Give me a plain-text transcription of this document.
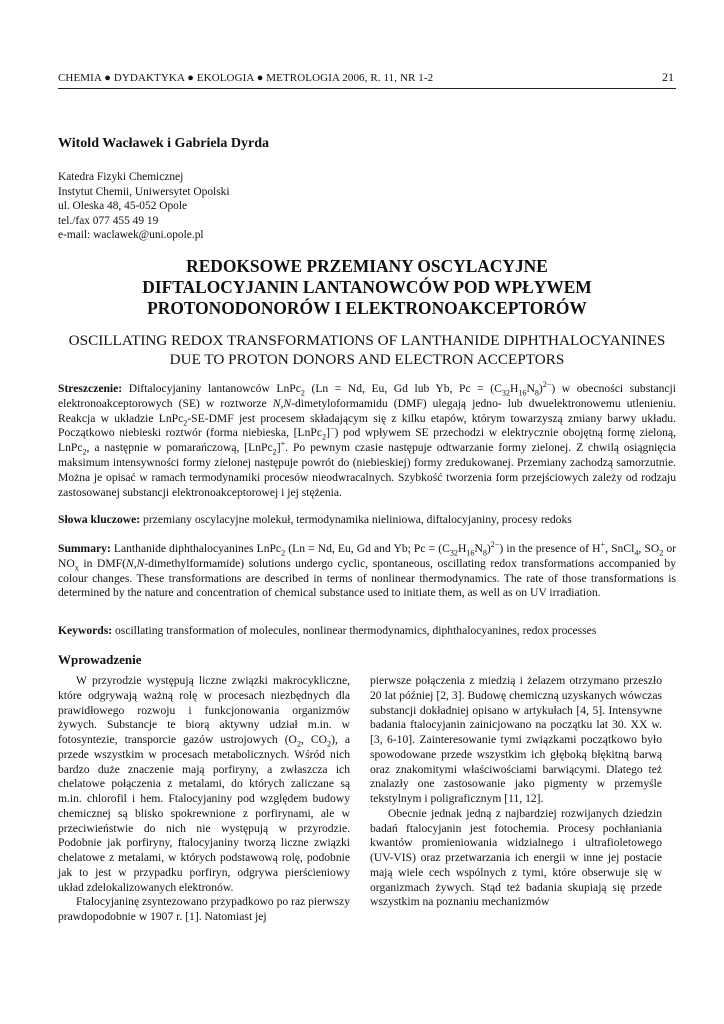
CHEMIA ● DYDAKTYKA ● EKOLOGIA ● METROLOGIA 2006, R. 11, NR 1-2	21
Witold Wacławek i Gabriela Dyrda
Katedra Fizyki Chemicznej
Instytut Chemii, Uniwersytet Opolski
ul. Oleska 48, 45-052 Opole
tel./fax 077 455 49 19
e-mail: waclawek@uni.opole.pl
REDOKSOWE PRZEMIANY OSCYLACYJNE
DIFTALOCYJANIN LANTANOWCÓW POD WPŁYWEM
PROTONODONORÓW I ELEKTRONOAKCEPTORÓW
OSCILLATING REDOX TRANSFORMATIONS OF LANTHANIDE DIPHTHALOCYANINES
DUE TO PROTON DONORS AND ELECTRON ACCEPTORS
Streszczenie: Diftalocyjaniny lantanowców LnPc$_2$ (Ln = Nd, Eu, Gd lub Yb, $Pc = (C_{32}H_{16}N_8)^{2-}$) w obecności substancji elektronoakceptorowych (SE) w roztworze N,N-dimetyloformamidu (DMF) ulegają jedno- lub dwuelektronowemu utlenieniu. Reakcja w układzie LnPc$_2$-SE-DMF jest procesem składającym się z kilku etapów, którym towarzyszą zmiany barwy układu. Początkowo niebieski roztwór (forma niebieska, [LnPc$_2$]−) pod wpływem SE przechodzi w elektrycznie obojętną formę zieloną, LnPc$_2$, a następnie w pomarańczową, [LnPc$_2$]+. Po pewnym czasie następuje odtwarzanie formy zielonej. Z chwilą osiągnięcia maksimum intensywności formy zielonej następuje powrót do (niebieskiej) formy zredukowanej. Przemiany zachodzą samorzutnie. Można je opisać w ramach termodynamiki procesów nieodwracalnych. Szybkość tworzenia form przejściowych zależy od rodzaju zastosowanej substancji elektronoakceptorowej i jej stężenia.
Słowa kluczowe: przemiany oscylacyjne molekuł, termodynamika nieliniowa, diftalocyjaniny, procesy redoks
Summary: Lanthanide diphthalocyanines LnPc$_2$ (Ln = Nd, Eu, Gd and Yb; $Pc = (C_{32}H_{16}N_8)^{2-}$) in the presence of H+, SnCl$_4$, $SO_2$ or $NO_x$ in DMF(N,N-dimethylformamide) solutions undergo cyclic, spontaneous, oscillating redox transformations accompanied by colour changes. These transformations are described in terms of nonlinear thermodynamics. The rate of those transformations is determined by the nature and concentration of chemical substance used to initiate them, as well as on UV irradiation.
Keywords: oscillating transformation of molecules, nonlinear thermodynamics, diphthalocyanines, redox processes
Wprowadzenie

W przyrodzie występują liczne związki makrocykliczne, które odgrywają ważną rolę w procesach niezbędnych dla prawidłowego rozwoju i funkcjonowania organizmów żywych. Substancje te biorą aktywny udział m.in. w fotosyntezie, transporcie gazów ustrojowych ($O_2$, $CO_2$), a przede wszystkim w procesach metabolicznych. Wśród nich bardzo duże znaczenie mają porfiryny, a zwłaszcza ich chelatowe połączenia z metalami, do których zaliczane są m.in. chlorofil i hem. Ftalocyjaniny pod względem budowy chemicznej są blisko spokrewnione z porfirynami, ale w przeciwieństwie do nich nie występują w przyrodzie. Podobnie jak porfiryny, ftalocyjaniny tworzą liczne związki chelatowe z metalami, w których podstawową rolę, podobnie jak to jest w przypadku porfiryn, odgrywa pierścieniowy układ zdelokalizowanych elektronów.

Ftalocyjaninę zsyntezowano przypadkowo po raz pierwszy prawdopodobnie w 1907 r. [1]. Natomiast jej

pierwsze połączenia z miedzią i żelazem otrzymano przeszło 20 lat później [2, 3]. Budowę chemiczną uzyskanych wówczas substancji dokładniej opisano w artykułach [4, 5]. Intensywne badania ftalocyjanin zainicjowano na początku lat 30. XX w. [3, 6-10]. Zainteresowanie tymi związkami początkowo było spowodowane przede wszystkim ich głęboką błękitną barwą oraz znakomitymi właściwościami barwiącymi. Dlatego też znalazły one zastosowanie jako pigmenty w przemyśle tekstylnym i poligraficznym [11, 12].

Obecnie jednak jedną z najbardziej rozwijanych dziedzin badań ftalocyjanin jest fotochemia. Procesy pochłaniania kwantów promieniowania widzialnego i ultrafioletowego (UV-VIS) oraz przetwarzania ich energii w inne jej postacie mają wiele cech wspólnych z tymi, które obserwuje się w organizmach żywych. Stąd też badania skupiają się przede wszystkim na poznaniu mechanizmów
